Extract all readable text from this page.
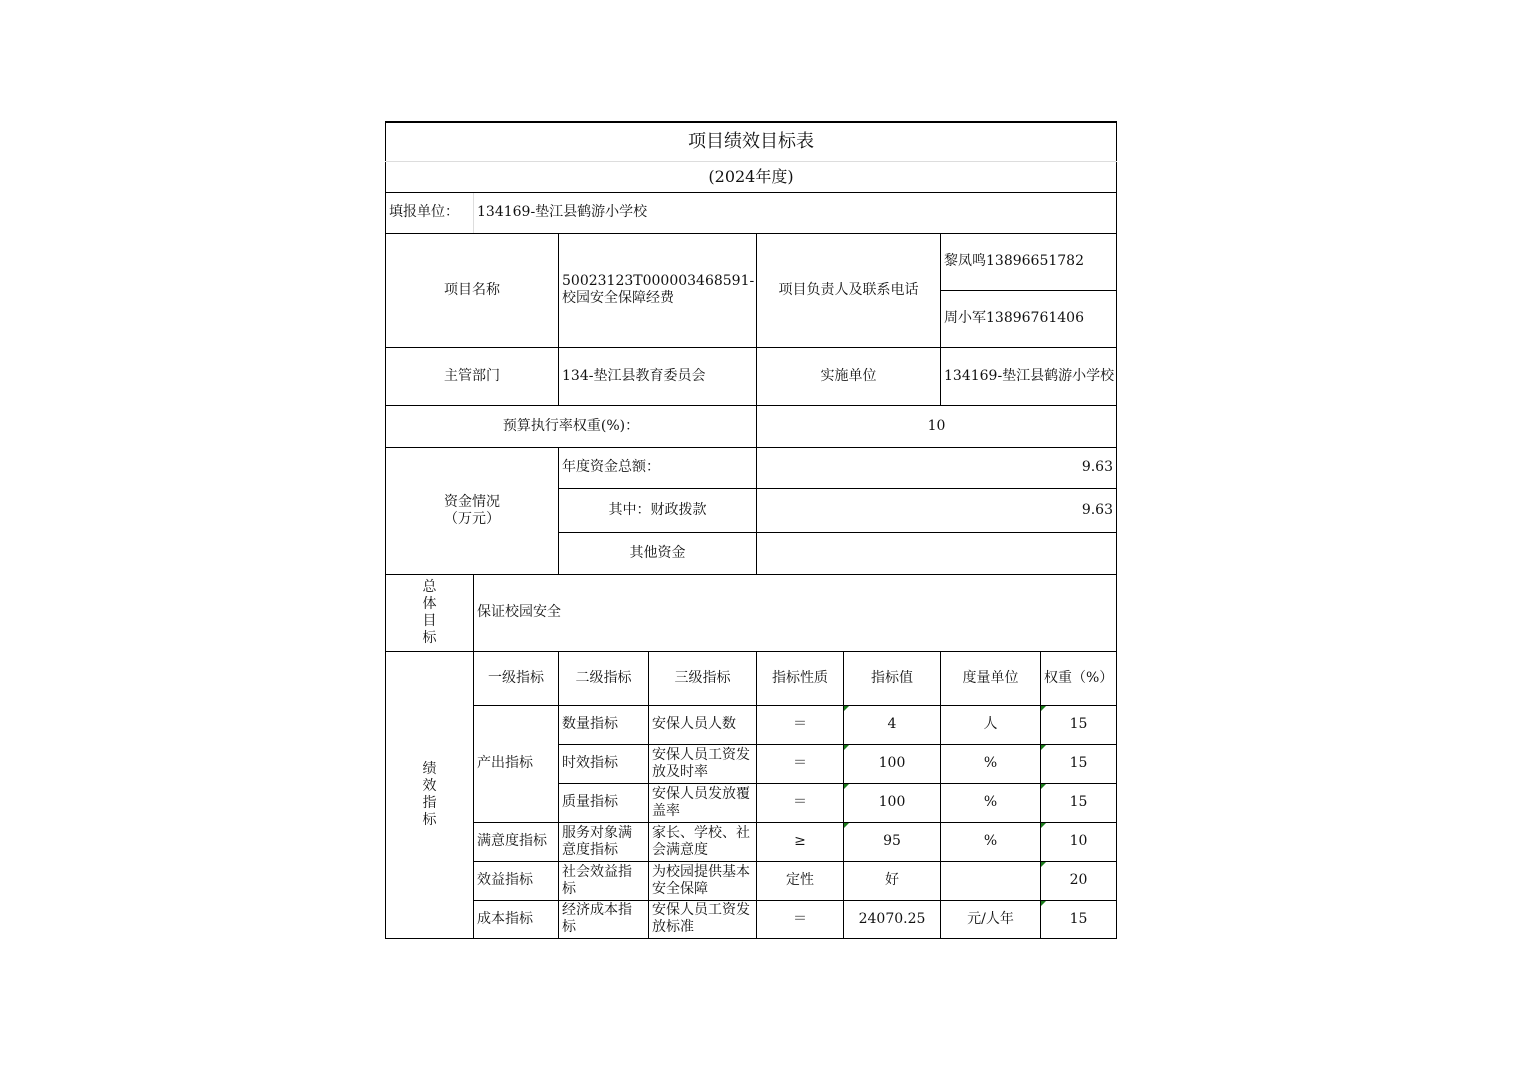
项目绩效目标表							
(2024年度)							
填报单位：	134169-垫江县鹤游小学校						
项目名称		50023123T000003468591-校园安全保障经费		项目负责人及联系电话		黎凤鸣13896651782	
						周小军13896761406	
主管部门		134-垫江县教育委员会		实施单位		134169-垫江县鹤游小学校	
预算执行率权重(%)：				10			

资金情况（万元）		年度资金总额：		9.63			
		其中：财政拨款		9.63			
		其他资金					

总体目标	保证校园安全						

绩效指标	一级指标	二级指标	三级指标	指标性质	指标值	度量单位	权重（%）
	产出指标	数量指标	安保人员人数	＝	4	人	15
		时效指标	安保人员工资发放及时率	＝	100	%	15
		质量指标	安保人员发放覆盖率	＝	100	%	15
	满意度指标	服务对象满意度指标	家长、学校、社会满意度	≥	95	%	10
	效益指标	社会效益指标	为校园提供基本安全保障	定性	好		20
	成本指标	经济成本指标	安保人员工资发放标准	＝	24070.25	元/人年	15
